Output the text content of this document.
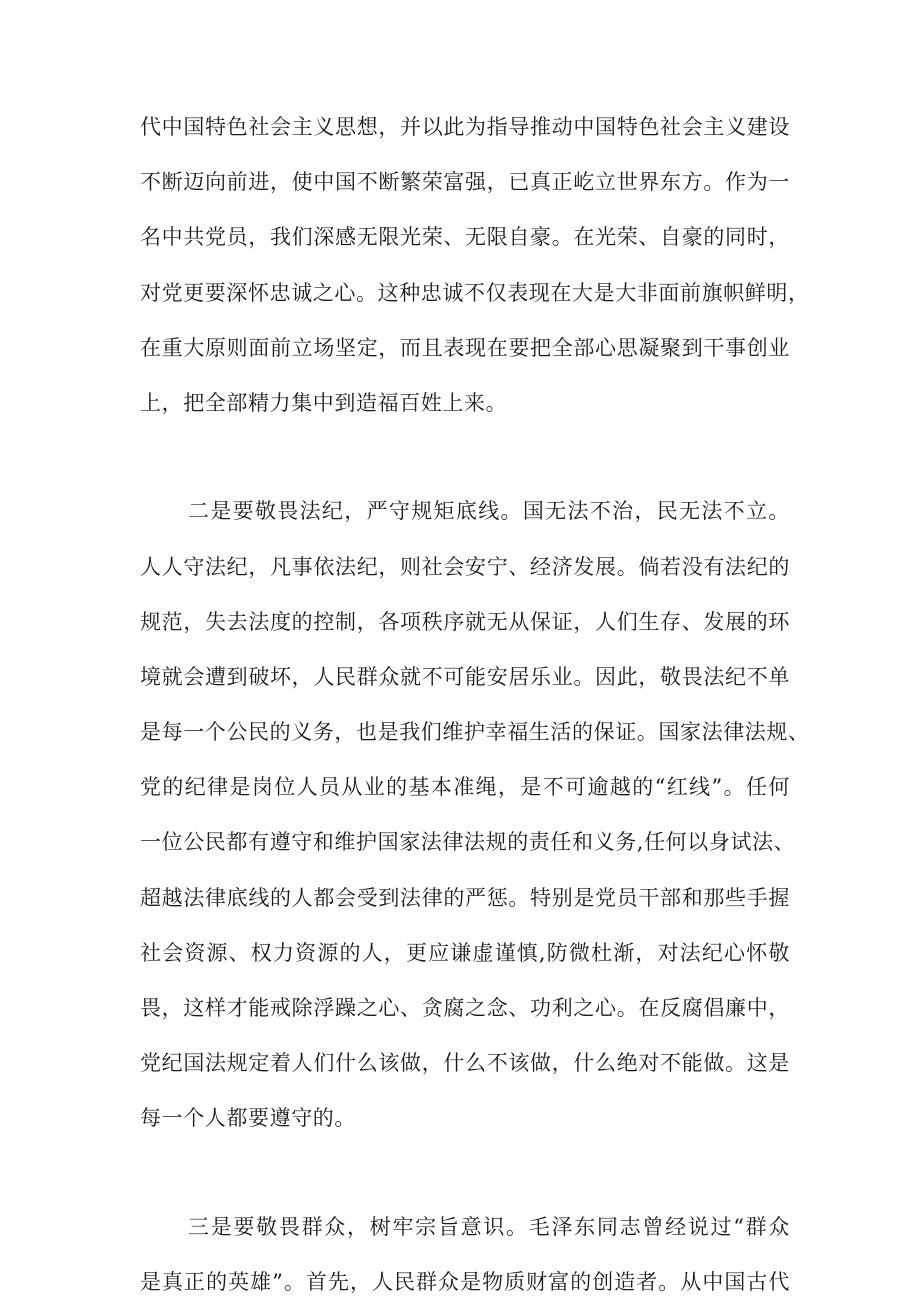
代中国特色社会主义思想，并以此为指导推动中国特色社会主义建设

不断迈向前进，使中国不断繁荣富强，已真正屹立世界东方。作为一

名中共党员，我们深感无限光荣、无限自豪。在光荣、自豪的同时，

对党更要深怀忠诚之心。这种忠诚不仅表现在大是大非面前旗帜鲜明，

在重大原则面前立场坚定，而且表现在要把全部心思凝聚到干事创业

上，把全部精力集中到造福百姓上来。

二是要敬畏法纪，严守规矩底线。国无法不治，民无法不立。

人人守法纪，凡事依法纪，则社会安宁、经济发展。倘若没有法纪的

规范，失去法度的控制，各项秩序就无从保证，人们生存、发展的环

境就会遭到破坏，人民群众就不可能安居乐业。因此，敬畏法纪不单

是每一个公民的义务，也是我们维护幸福生活的保证。国家法律法规、

党的纪律是岗位人员从业的基本准绳，是不可逾越的“红线”。任何

一位公民都有遵守和维护国家法律法规的责任和义务,任何以身试法、

超越法律底线的人都会受到法律的严惩。特别是党员干部和那些手握

社会资源、权力资源的人，更应谦虚谨慎,防微杜渐，对法纪心怀敬

畏，这样才能戒除浮躁之心、贪腐之念、功利之心。在反腐倡廉中，

党纪国法规定着人们什么该做，什么不该做，什么绝对不能做。这是

每一个人都要遵守的。

三是要敬畏群众，树牢宗旨意识。毛泽东同志曾经说过“群众

是真正的英雄”。首先，人民群众是物质财富的创造者。从中国古代
